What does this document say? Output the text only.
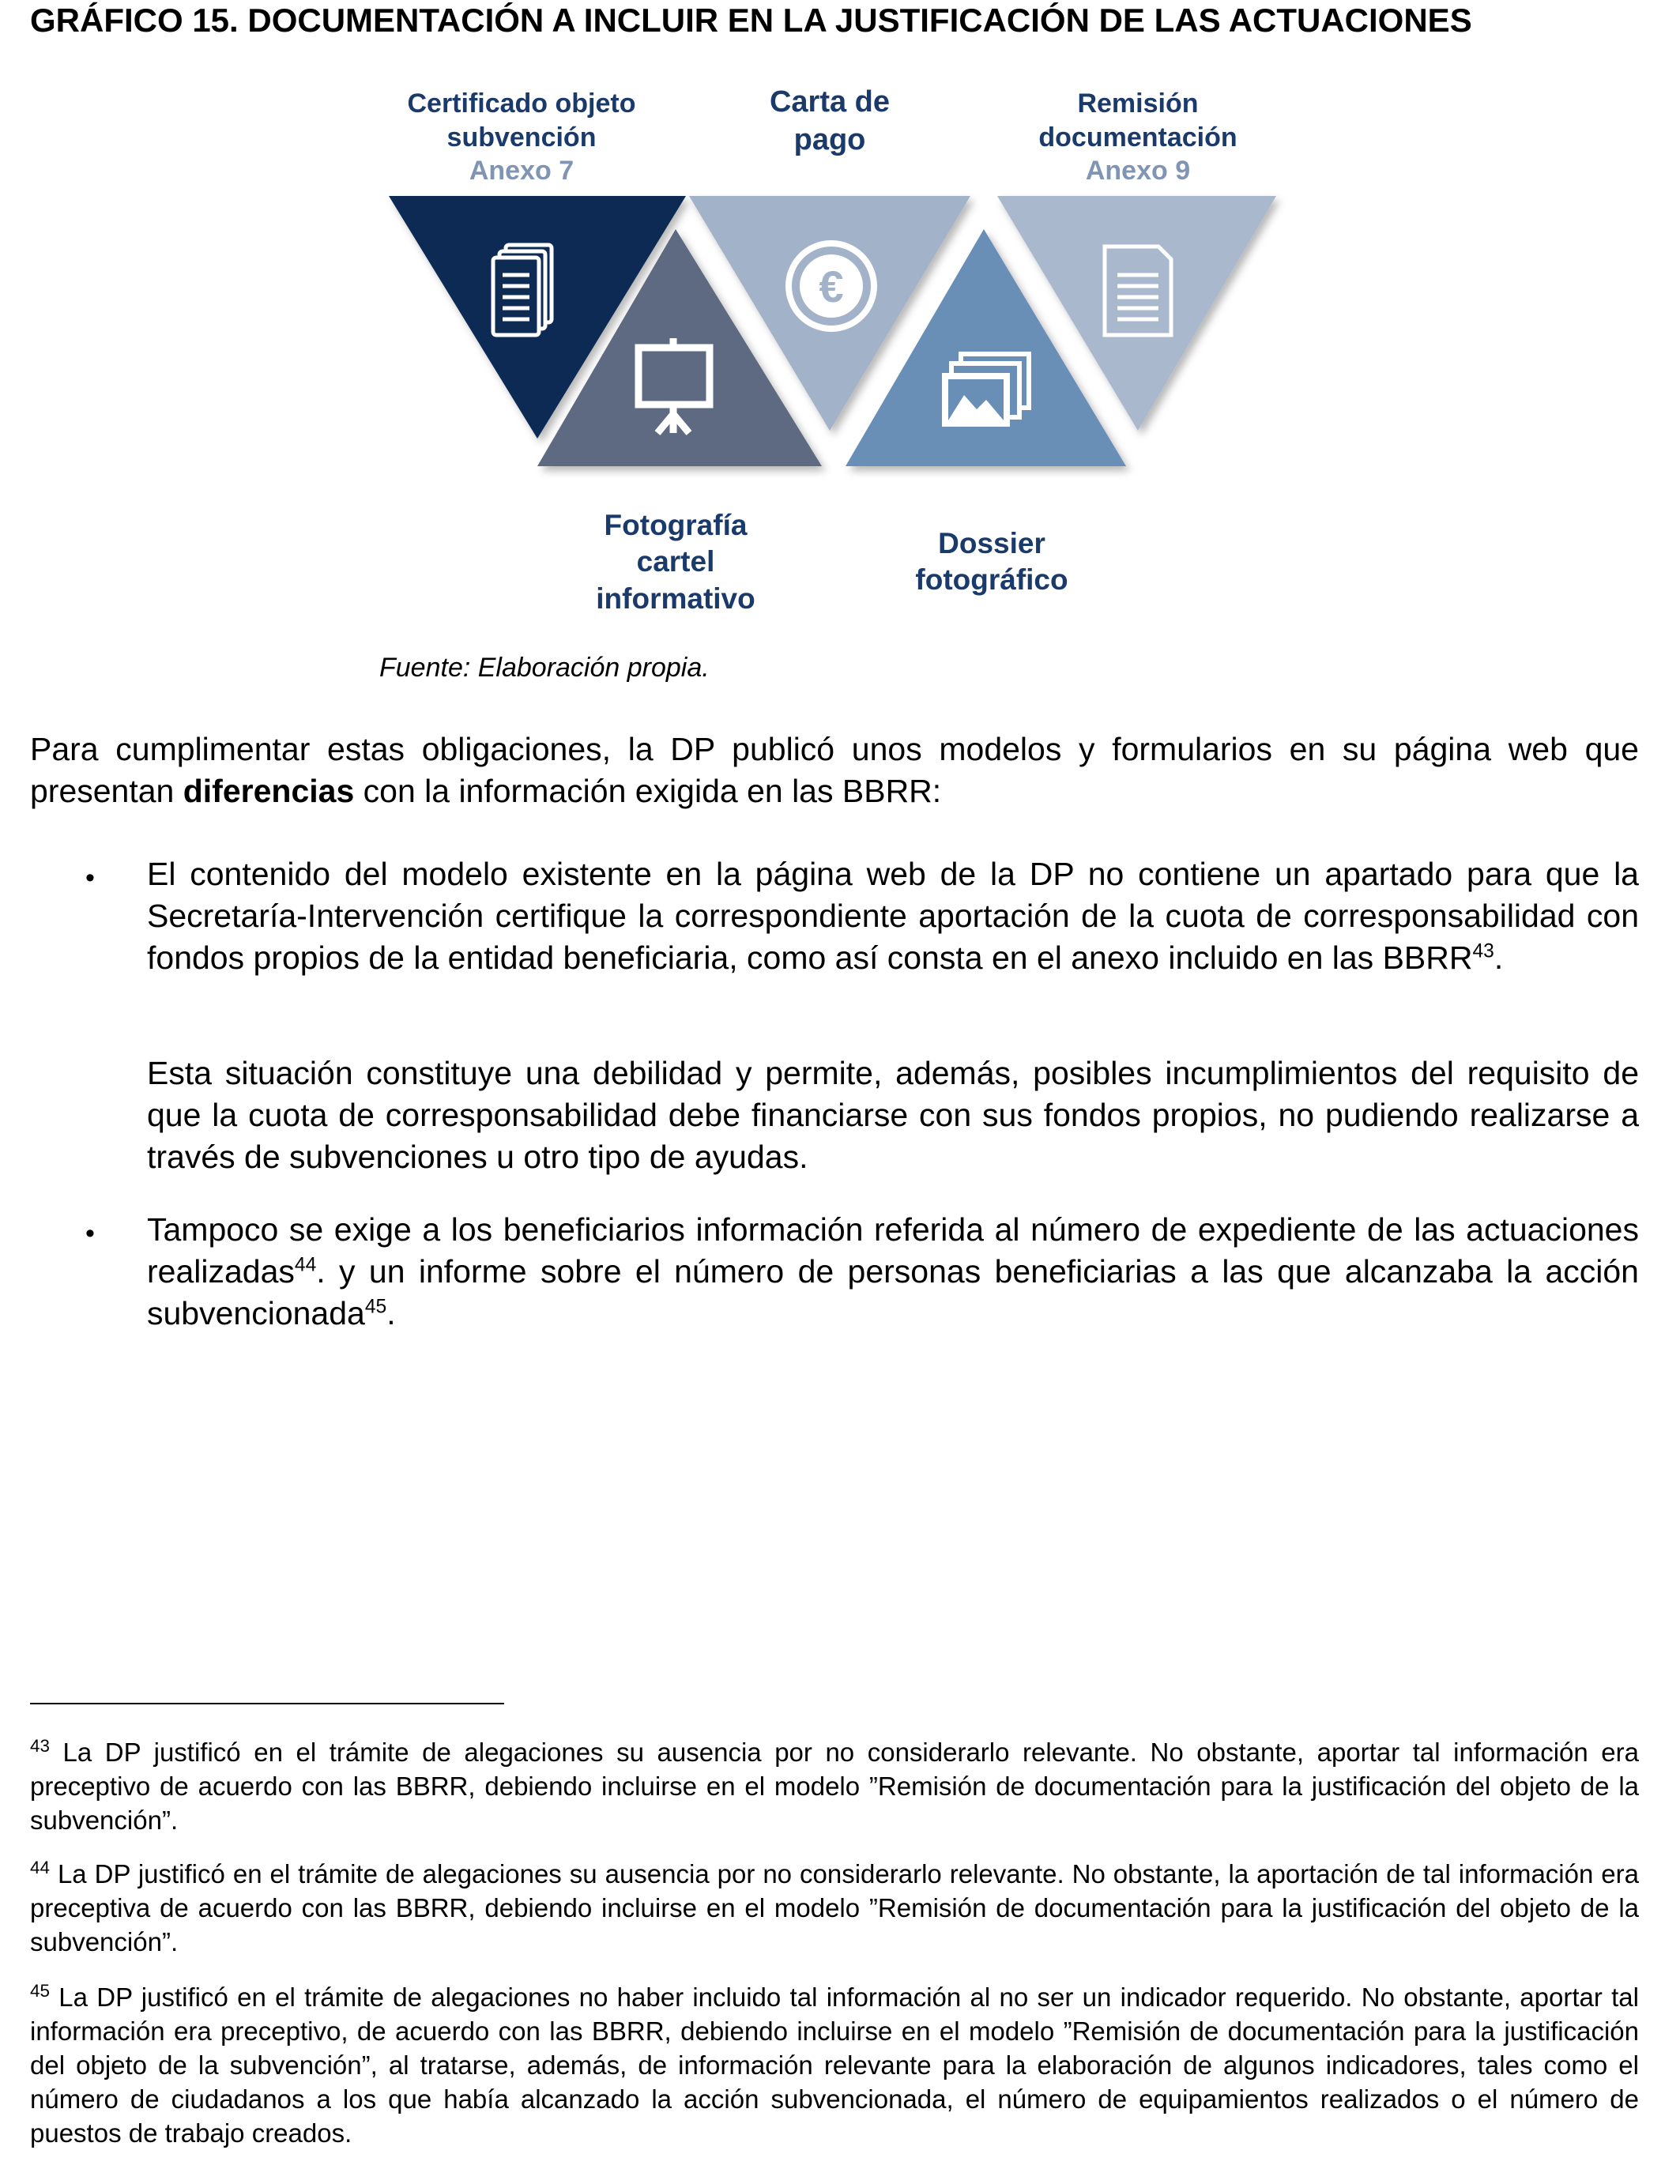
GRÁFICO 15. DOCUMENTACIÓN A INCLUIR EN LA JUSTIFICACIÓN DE LAS ACTUACIONES
€
Certificado objeto
subvención
Anexo 7
Carta de
pago
Remisión
documentación
Anexo 9
Fotografía
cartel
informativo
Dossier
fotográfico
Fuente: Elaboración propia.
Para cumplimentar estas obligaciones, la DP publicó unos modelos y formularios en su página web que presentan diferencias con la información exigida en las BBRR:
• El contenido del modelo existente en la página web de la DP no contiene un apartado para que la Secretaría-Intervención certifique la correspondiente aportación de la cuota de corresponsabilidad con fondos propios de la entidad beneficiaria, como así consta en el anexo incluido en las BBRR$^{43}$.
Esta situación constituye una debilidad y permite, además, posibles incumplimientos del requisito de que la cuota de corresponsabilidad debe financiarse con sus fondos propios, no pudiendo realizarse a través de subvenciones u otro tipo de ayudas.
• Tampoco se exige a los beneficiarios información referida al número de expediente de las actuaciones realizadas$^{44}$. y un informe sobre el número de personas beneficiarias a las que alcanzaba la acción subvencionada$^{45}$.
$^{43}$ La DP justificó en el trámite de alegaciones su ausencia por no considerarlo relevante. No obstante, aportar tal información era preceptivo de acuerdo con las BBRR, debiendo incluirse en el modelo ”Remisión de documentación para la justificación del objeto de la subvención”.
$^{44}$ La DP justificó en el trámite de alegaciones su ausencia por no considerarlo relevante. No obstante, la aportación de tal información era preceptiva de acuerdo con las BBRR, debiendo incluirse en el modelo ”Remisión de documentación para la justificación del objeto de la subvención”.
$^{45}$ La DP justificó en el trámite de alegaciones no haber incluido tal información al no ser un indicador requerido. No obstante, aportar tal información era preceptivo, de acuerdo con las BBRR, debiendo incluirse en el modelo ”Remisión de documentación para la justificación del objeto de la subvención”, al tratarse, además, de información relevante para la elaboración de algunos indicadores, tales como el número de ciudadanos a los que había alcanzado la acción subvencionada, el número de equipamientos realizados o el número de puestos de trabajo creados.
